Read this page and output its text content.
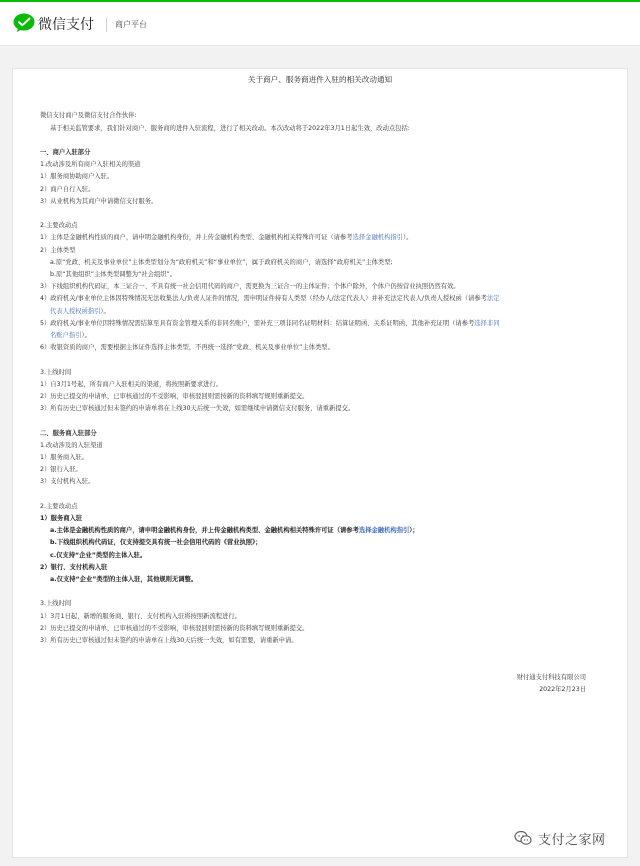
微信支付	商户平台
关于商户、服务商进件入驻的相关改动通知
微信支付商户及微信支付合作伙伴:
基于相关监管要求，我们针对商户、服务商的进件入驻流程，进行了相关改动。本次改动将于2022年3月1日起生效，改动点包括:
一、商户入驻部分
1.改动涉及所有商户入驻相关的渠道
1）服务商协助商户入驻。
2）商户自行入驻。
3）从业机构为其商户申请微信支付服务。
2.主要改动点
1）主体是金融机构性质的商户，请申明金融机构身份，并上传金融机构类型、金融机构相关特殊许可证（请参考选择金融机构指引）。
2）主体类型
a.原“党政、机关及事业单位”主体类型划分为“政府机关”和“事业单位”，属于政府机关的商户，请选择“政府机关”主体类型;
b.原“其他组织”主体类型调整为“社会组织”。
3）下线组织机构代码证，本三证合一、不具有统一社会信用代码的商户，需更换为三证合一的主体证件；个体户除外，个体户仍按营业执照仍然有效。
4）政府机关/事业单位主体因特殊情况无法收集法人/负责人证件的情况，需申明证件持有人类型（经办人/法定代表人）并补充法定代表人/负责人授权函（请参考法定
代表人授权函指引）。
5）政府机关/事业单位因特殊情况需结算至具有资金管理关系的非同名账户，需补充三项非同名证明材料：结算证明函、关系证明函、其他补充证明（请参考选择非同
名账户指引）。
6）收银资质的商户，需要根据主体证件选择主体类型，不再统一选择“党政、机关及事业单位”主体类型。
3.上线时间
1）自3月1号起，所有商户入驻相关的渠道，将按照新要求进行。
2）历史已提交的申请单，已审核通过的不受影响，审核驳回则需按新的资料填写规则重新提交。
3）所有历史已审核通过但未签约的申请单将在上线30天后统一失效，如需继续申请微信支付服务，请重新提交。
二、服务商入驻部分
1.改动涉及的入驻渠道
1）服务商入驻。
2）银行入驻。
3）支付机构入驻。
2.主要改动点
1）服务商入驻
a.主体是金融机构性质的商户，请申明金融机构身份，并上传金融机构类型、金融机构相关特殊许可证（请参考选择金融机构指引）；
b.下线组织机构代码证，仅支持提交具有统一社会信用代码的《营业执照》；
c.仅支持“企业”类型的主体入驻。
2）银行、支付机构入驻
a.仅支持“企业”类型的主体入驻，其他规则无调整。
3.上线时间
1）3月1日起，新增的服务商、银行、支付机构入驻将按照新流程进行。
2）历史已提交的申请单，已审核通过的不受影响，审核驳回则需按新的资料填写规则重新提交。
3）所有历史已审核通过但未签约的申请单在上线30天后统一失效，如有需要，请重新申请。
财付通支付科技有限公司
2022年2月23日
支付之家网
